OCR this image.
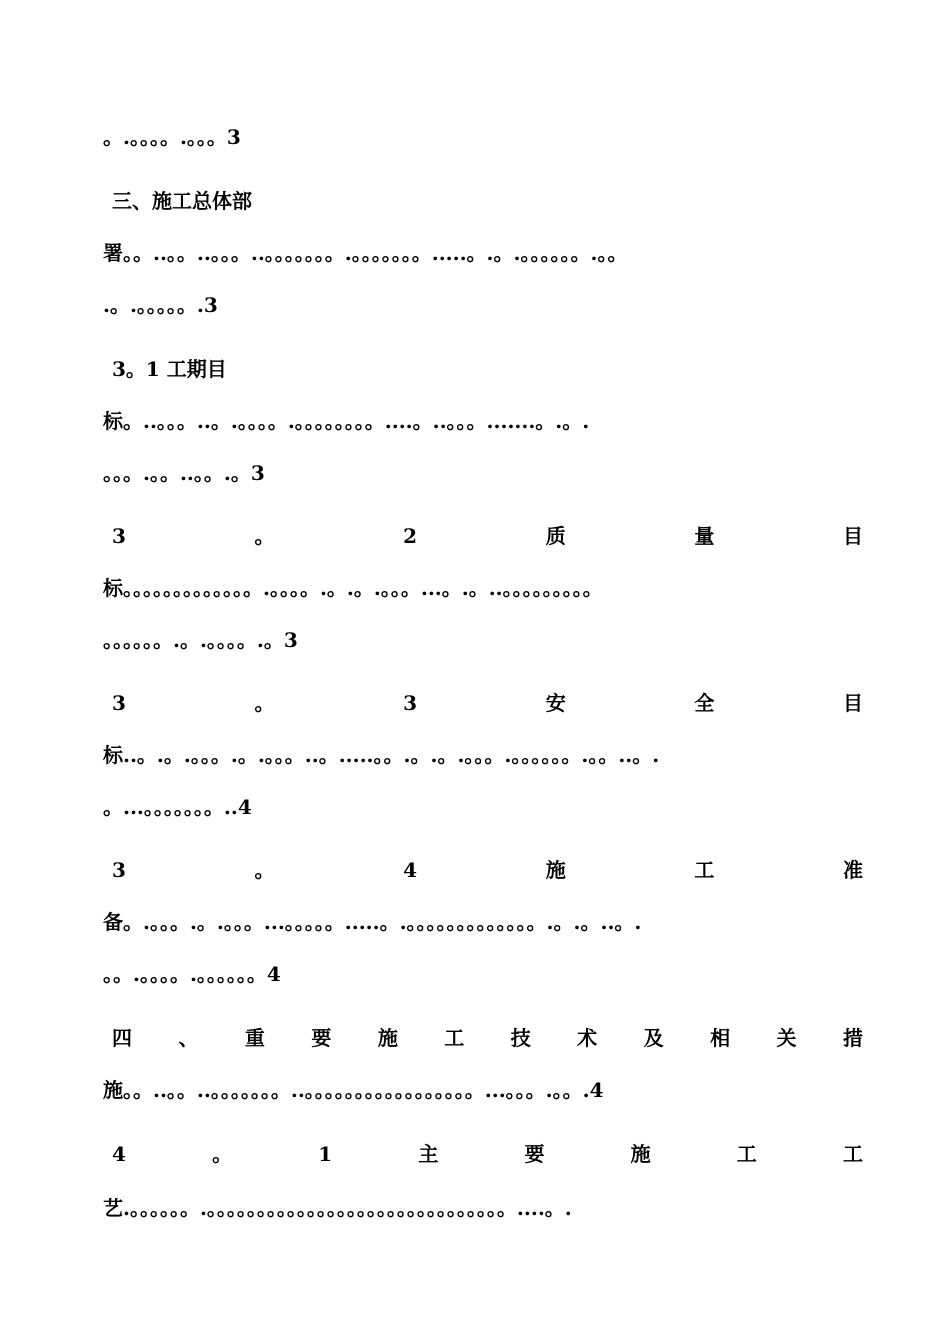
。.。。。。.。。。3

三、施工总体部

署。。..。。..。。。..。。。。。。。.。。。。。。。.....。.。.。。。。。。.。。

.。.。。。。。.3

3。1 工期目

标。..。。。..。.。。。。.。。。。。。。。....。..。。。.......。.。.

。。。.。。..。。.。3

3	。	2	质	量	目

标。。。。。。。。。。。。。.。。。。.。.。.。。。...。.。..。。。。。。。。。

。。。。。。.。.。。。。.。3

3	。	3	安	全	目

标..。.。.。。。.。.。。。..。.....。。.。.。.。。。.。。。。。。.。。..。.

。...。。。。。。。..4

3	。	4	施	工	准

备。.。。。.。.。。。...。。。。。.....。.。。。。。。。。。。。。。.。.。..。.

。。.。。。。.。。。。。。4

四 、 重 要 施 工 技 术 及 相 关 措

施。。..。。..。。。。。。。..。。。。。。。。。。。。。。。。。...。。。.。。.4

4	。	1	主	要	施	工	工

艺.。。。。。。.。。。。。。。。。。。。。。。。。。。。。。。。。。。。。。....。.
